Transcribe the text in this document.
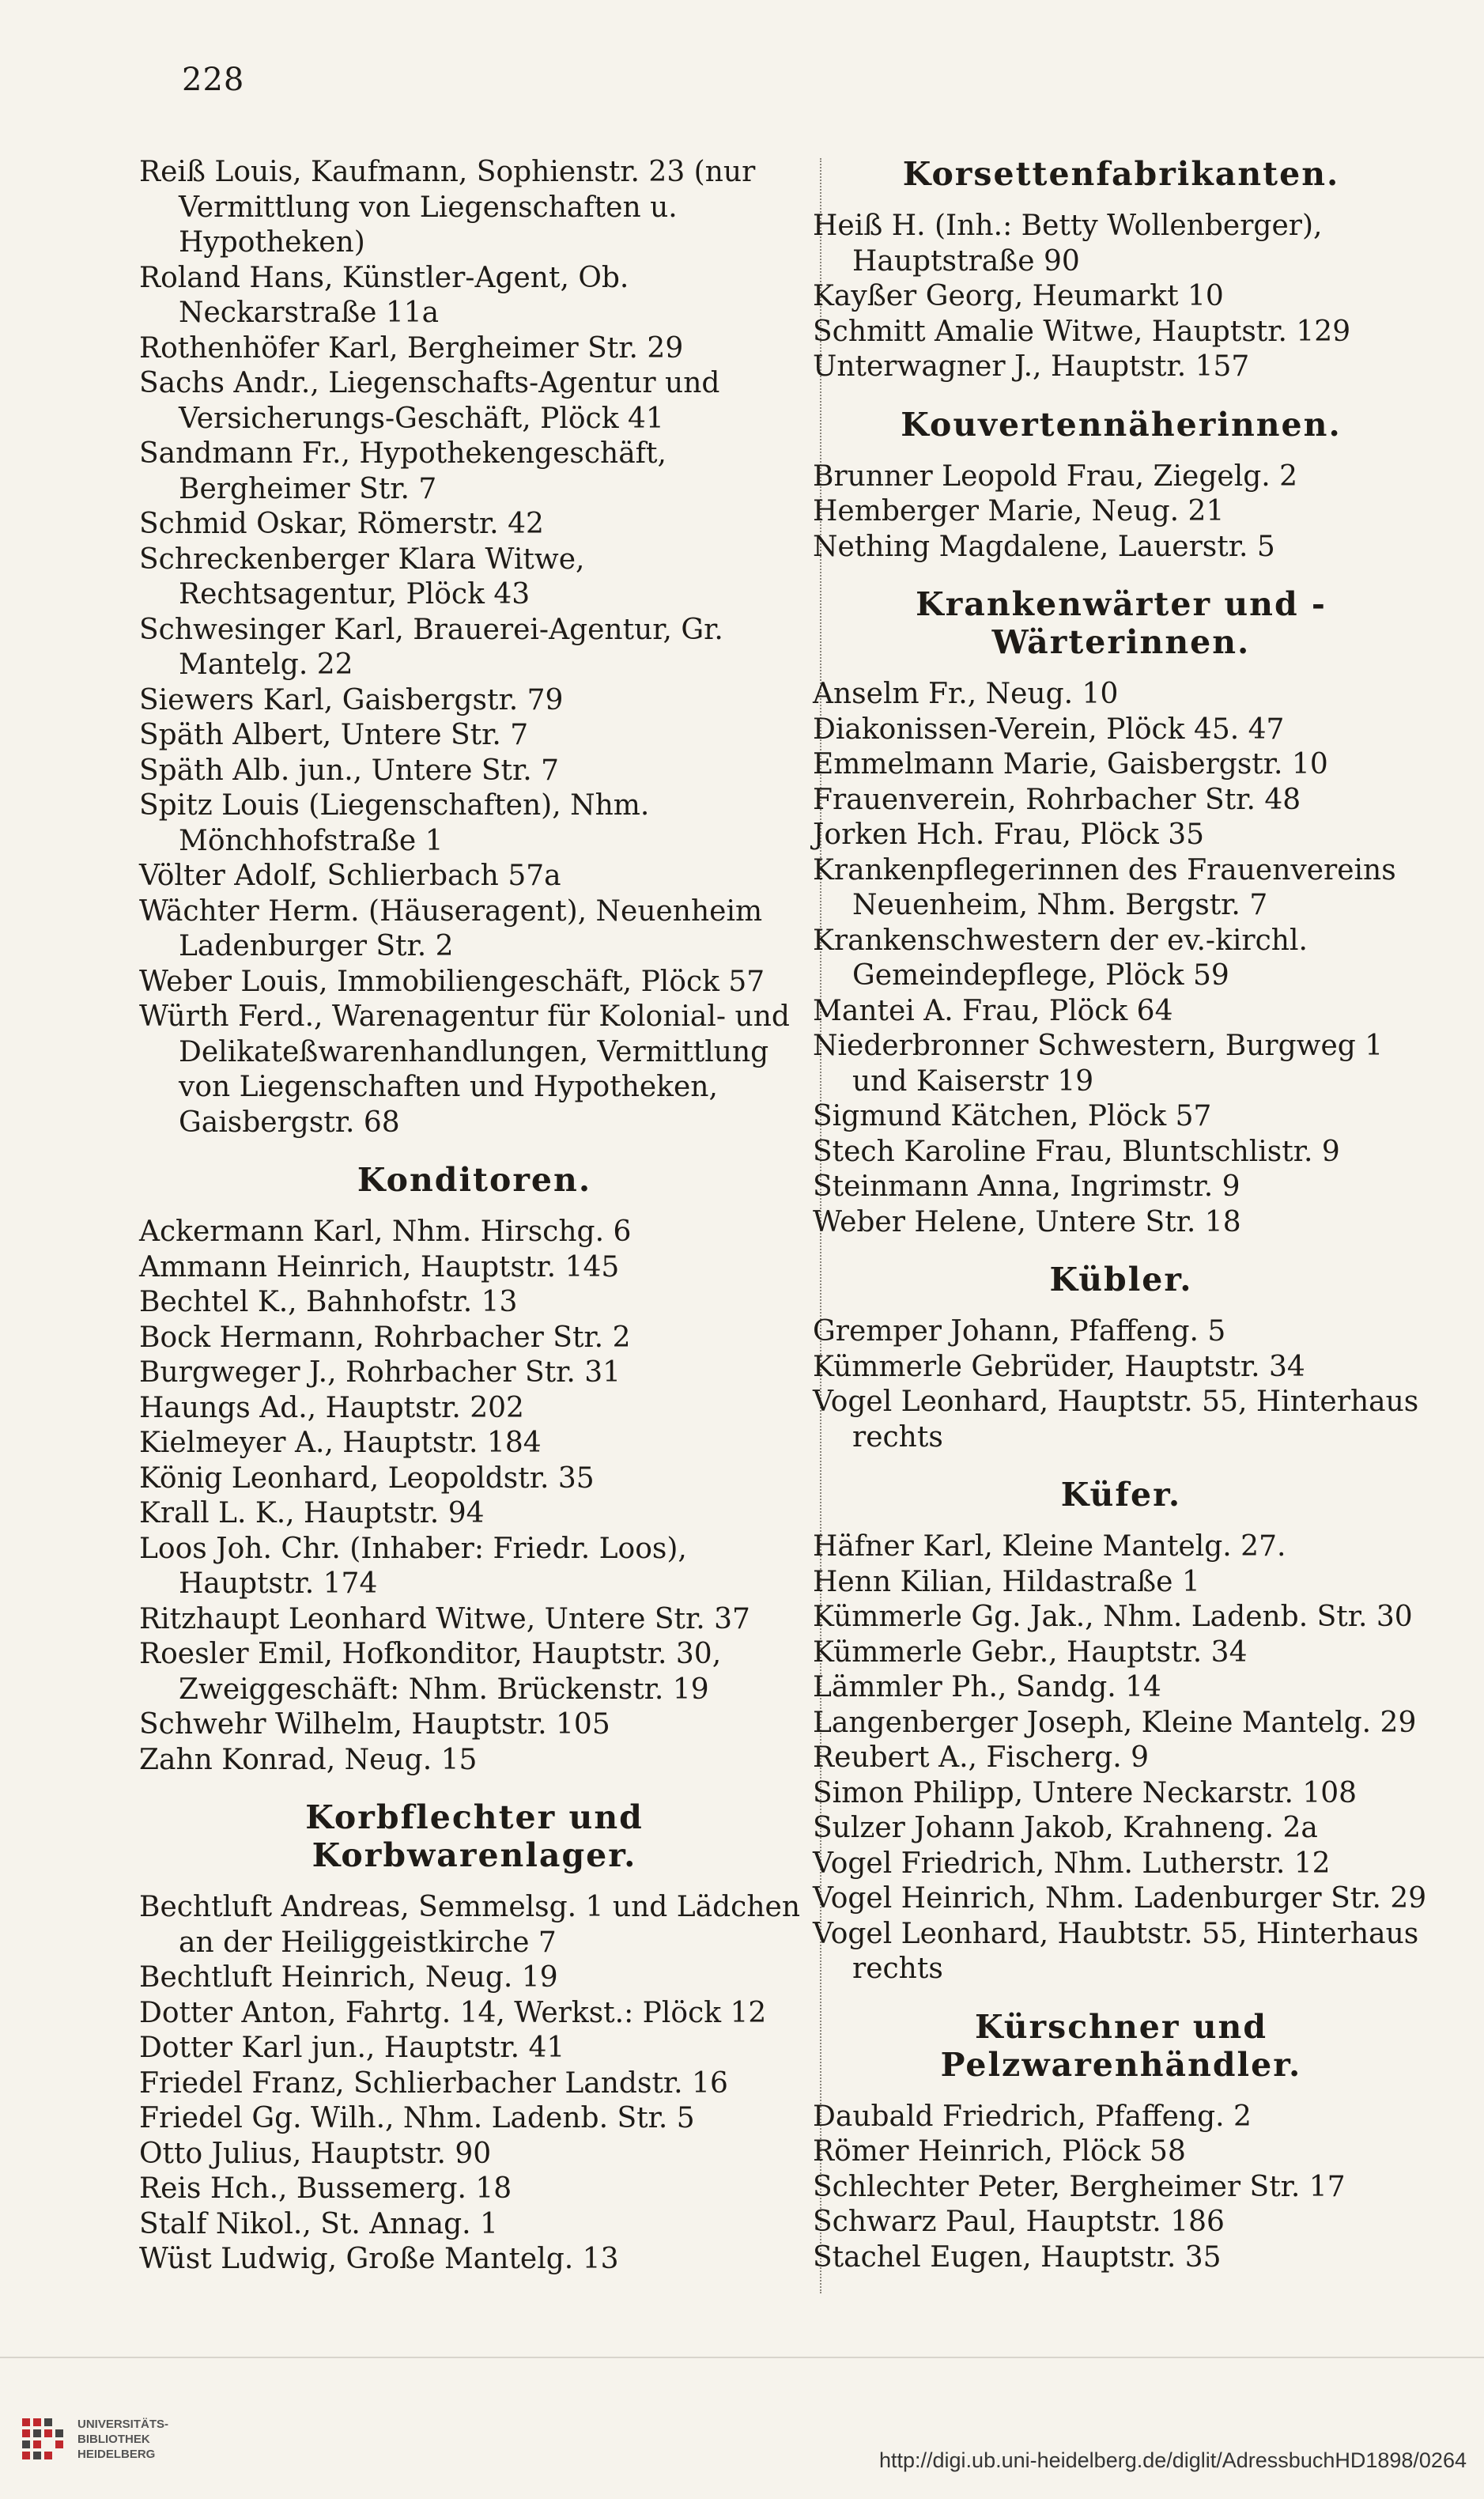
228
Reiß Louis, Kaufmann, Sophienstr. 23 (nur Vermittlung von Liegenschaften u. Hypotheken)
Roland Hans, Künstler-Agent, Ob. Neckarstraße 11a
Rothenhöfer Karl, Bergheimer Str. 29
Sachs Andr., Liegenschafts-Agentur und Versicherungs-Geschäft, Plöck 41
Sandmann Fr., Hypothekengeschäft, Bergheimer Str. 7
Schmid Oskar, Römerstr. 42
Schreckenberger Klara Witwe, Rechtsagentur, Plöck 43
Schwesinger Karl, Brauerei-Agentur, Gr. Mantelg. 22
Siewers Karl, Gaisbergstr. 79
Späth Albert, Untere Str. 7
Späth Alb. jun., Untere Str. 7
Spitz Louis (Liegenschaften), Nhm. Mönchhofstraße 1
Völter Adolf, Schlierbach 57a
Wächter Herm. (Häuseragent), Neuenheim Ladenburger Str. 2
Weber Louis, Immobiliengeschäft, Plöck 57
Würth Ferd., Warenagentur für Kolonial- und Delikateßwarenhandlungen, Vermittlung von Liegenschaften und Hypotheken, Gaisbergstr. 68
Konditoren.
Ackermann Karl, Nhm. Hirschg. 6
Ammann Heinrich, Hauptstr. 145
Bechtel K., Bahnhofstr. 13
Bock Hermann, Rohrbacher Str. 2
Burgweger J., Rohrbacher Str. 31
Haungs Ad., Hauptstr. 202
Kielmeyer A., Hauptstr. 184
König Leonhard, Leopoldstr. 35
Krall L. K., Hauptstr. 94
Loos Joh. Chr. (Inhaber: Friedr. Loos), Hauptstr. 174
Ritzhaupt Leonhard Witwe, Untere Str. 37
Roesler Emil, Hofkonditor, Hauptstr. 30, Zweiggeschäft: Nhm. Brückenstr. 19
Schwehr Wilhelm, Hauptstr. 105
Zahn Konrad, Neug. 15
Korbflechter und Korbwarenlager.
Bechtluft Andreas, Semmelsg. 1 und Lädchen an der Heiliggeistkirche 7
Bechtluft Heinrich, Neug. 19
Dotter Anton, Fahrtg. 14, Werkst.: Plöck 12
Dotter Karl jun., Hauptstr. 41
Friedel Franz, Schlierbacher Landstr. 16
Friedel Gg. Wilh., Nhm. Ladenb. Str. 5
Otto Julius, Hauptstr. 90
Reis Hch., Bussemerg. 18
Stalf Nikol., St. Annag. 1
Wüst Ludwig, Große Mantelg. 13
Korsettenfabrikanten.
Heiß H. (Inh.: Betty Wollenberger), Hauptstraße 90
Kayßer Georg, Heumarkt 10
Schmitt Amalie Witwe, Hauptstr. 129
Unterwagner J., Hauptstr. 157
Kouvertennäherinnen.
Brunner Leopold Frau, Ziegelg. 2
Hemberger Marie, Neug. 21
Nething Magdalene, Lauerstr. 5
Krankenwärter und -Wärterinnen.
Anselm Fr., Neug. 10
Diakonissen-Verein, Plöck 45. 47
Emmelmann Marie, Gaisbergstr. 10
Frauenverein, Rohrbacher Str. 48
Jorken Hch. Frau, Plöck 35
Krankenpflegerinnen des Frauenvereins Neuenheim, Nhm. Bergstr. 7
Krankenschwestern der ev.-kirchl. Gemeindepflege, Plöck 59
Mantei A. Frau, Plöck 64
Niederbronner Schwestern, Burgweg 1 und Kaiserstr 19
Sigmund Kätchen, Plöck 57
Stech Karoline Frau, Bluntschlistr. 9
Steinmann Anna, Ingrimstr. 9
Weber Helene, Untere Str. 18
Kübler.
Gremper Johann, Pfaffeng. 5
Kümmerle Gebrüder, Hauptstr. 34
Vogel Leonhard, Hauptstr. 55, Hinterhaus rechts
Küfer.
Häfner Karl, Kleine Mantelg. 27.
Henn Kilian, Hildastraße 1
Kümmerle Gg. Jak., Nhm. Ladenb. Str. 30
Kümmerle Gebr., Hauptstr. 34
Lämmler Ph., Sandg. 14
Langenberger Joseph, Kleine Mantelg. 29
Reubert A., Fischerg. 9
Simon Philipp, Untere Neckarstr. 108
Sulzer Johann Jakob, Krahneng. 2a
Vogel Friedrich, Nhm. Lutherstr. 12
Vogel Heinrich, Nhm. Ladenburger Str. 29
Vogel Leonhard, Haubtstr. 55, Hinterhaus rechts
Kürschner und Pelzwarenhändler.
Daubald Friedrich, Pfaffeng. 2
Römer Heinrich, Plöck 58
Schlechter Peter, Bergheimer Str. 17
Schwarz Paul, Hauptstr. 186
Stachel Eugen, Hauptstr. 35
UNIVERSITÄTS-
BIBLIOTHEK
HEIDELBERG	http://digi.ub.uni-heidelberg.de/diglit/AdressbuchHD1898/0264
